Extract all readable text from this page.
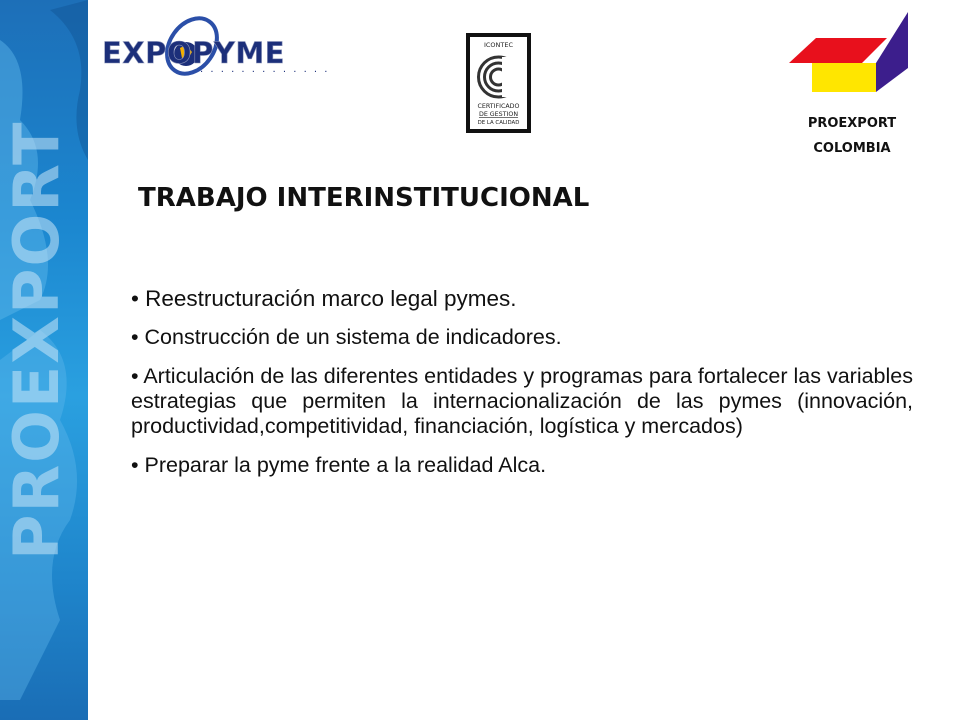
PROEXPORT
EXPOPYME
· · · · · · · · · · · · ·
ICONTEC
CERTIFICADO
DE GESTION
DE LA CALIDAD	PROEXPORT
COLOMBIA
TRABAJO INTERINSTITUCIONAL
• Reestructuración marco legal pymes.
• Construcción de un sistema de indicadores.
• Articulación de las diferentes entidades y programas para fortalecer las variables estrategias que permiten la internacionalización de las pymes (innovación, productividad,competitividad, financiación, logística y mercados)
• Preparar la pyme frente a la realidad Alca.
